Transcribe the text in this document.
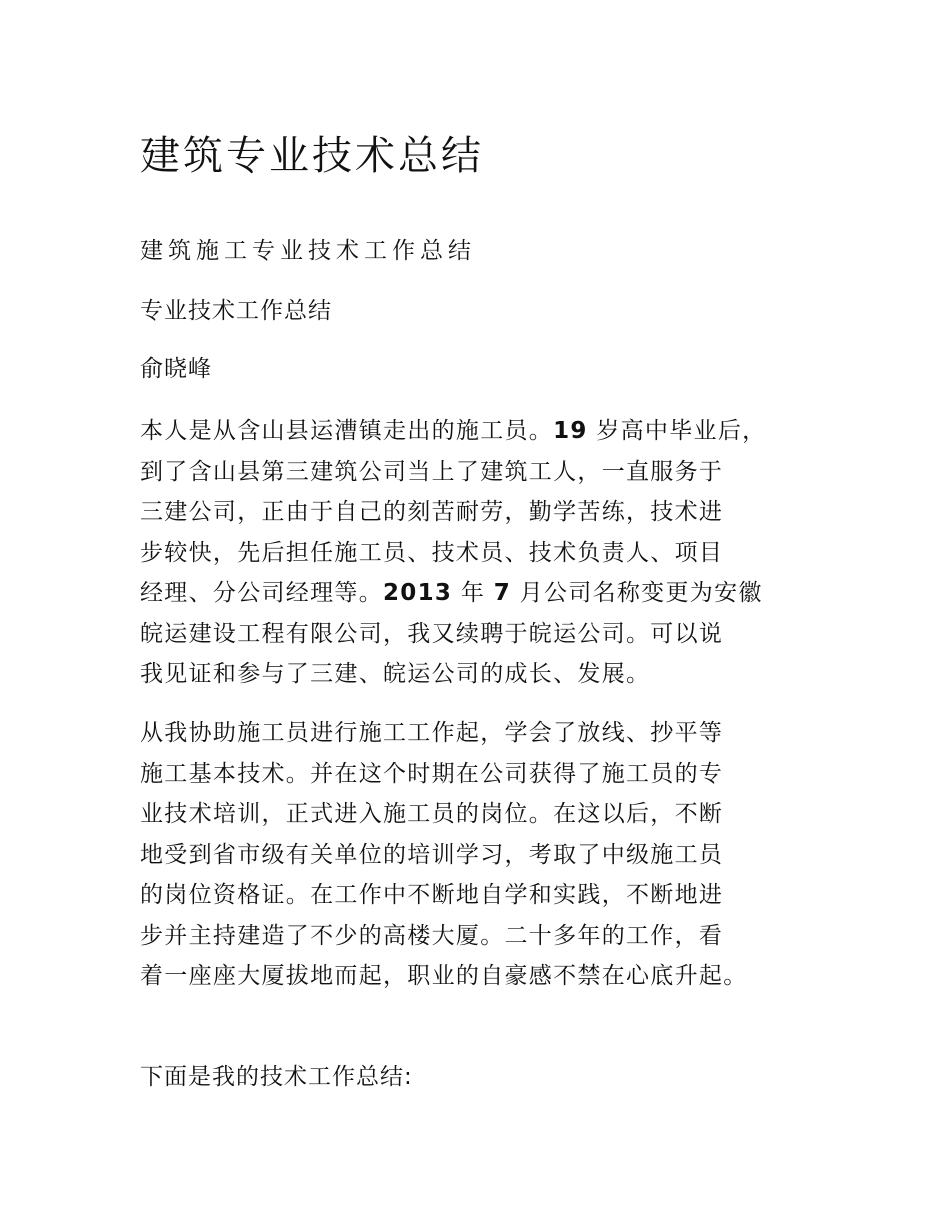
建筑专业技术总结

建筑施工专业技术工作总结

专业技术工作总结

俞晓峰

本人是从含山县运漕镇走出的施工员。19 岁高中毕业后，
到了含山县第三建筑公司当上了建筑工人，一直服务于
三建公司，正由于自己的刻苦耐劳，勤学苦练，技术进
步较快，先后担任施工员、技术员、技术负责人、项目
经理、分公司经理等。2013 年 7 月公司名称变更为安徽
皖运建设工程有限公司，我又续聘于皖运公司。可以说
我见证和参与了三建、皖运公司的成长、发展。
从我协助施工员进行施工工作起，学会了放线、抄平等
施工基本技术。并在这个时期在公司获得了施工员的专
业技术培训，正式进入施工员的岗位。在这以后，不断
地受到省市级有关单位的培训学习，考取了中级施工员
的岗位资格证。在工作中不断地自学和实践，不断地进
步并主持建造了不少的高楼大厦。二十多年的工作，看
着一座座大厦拔地而起，职业的自豪感不禁在心底升起。

下面是我的技术工作总结:
